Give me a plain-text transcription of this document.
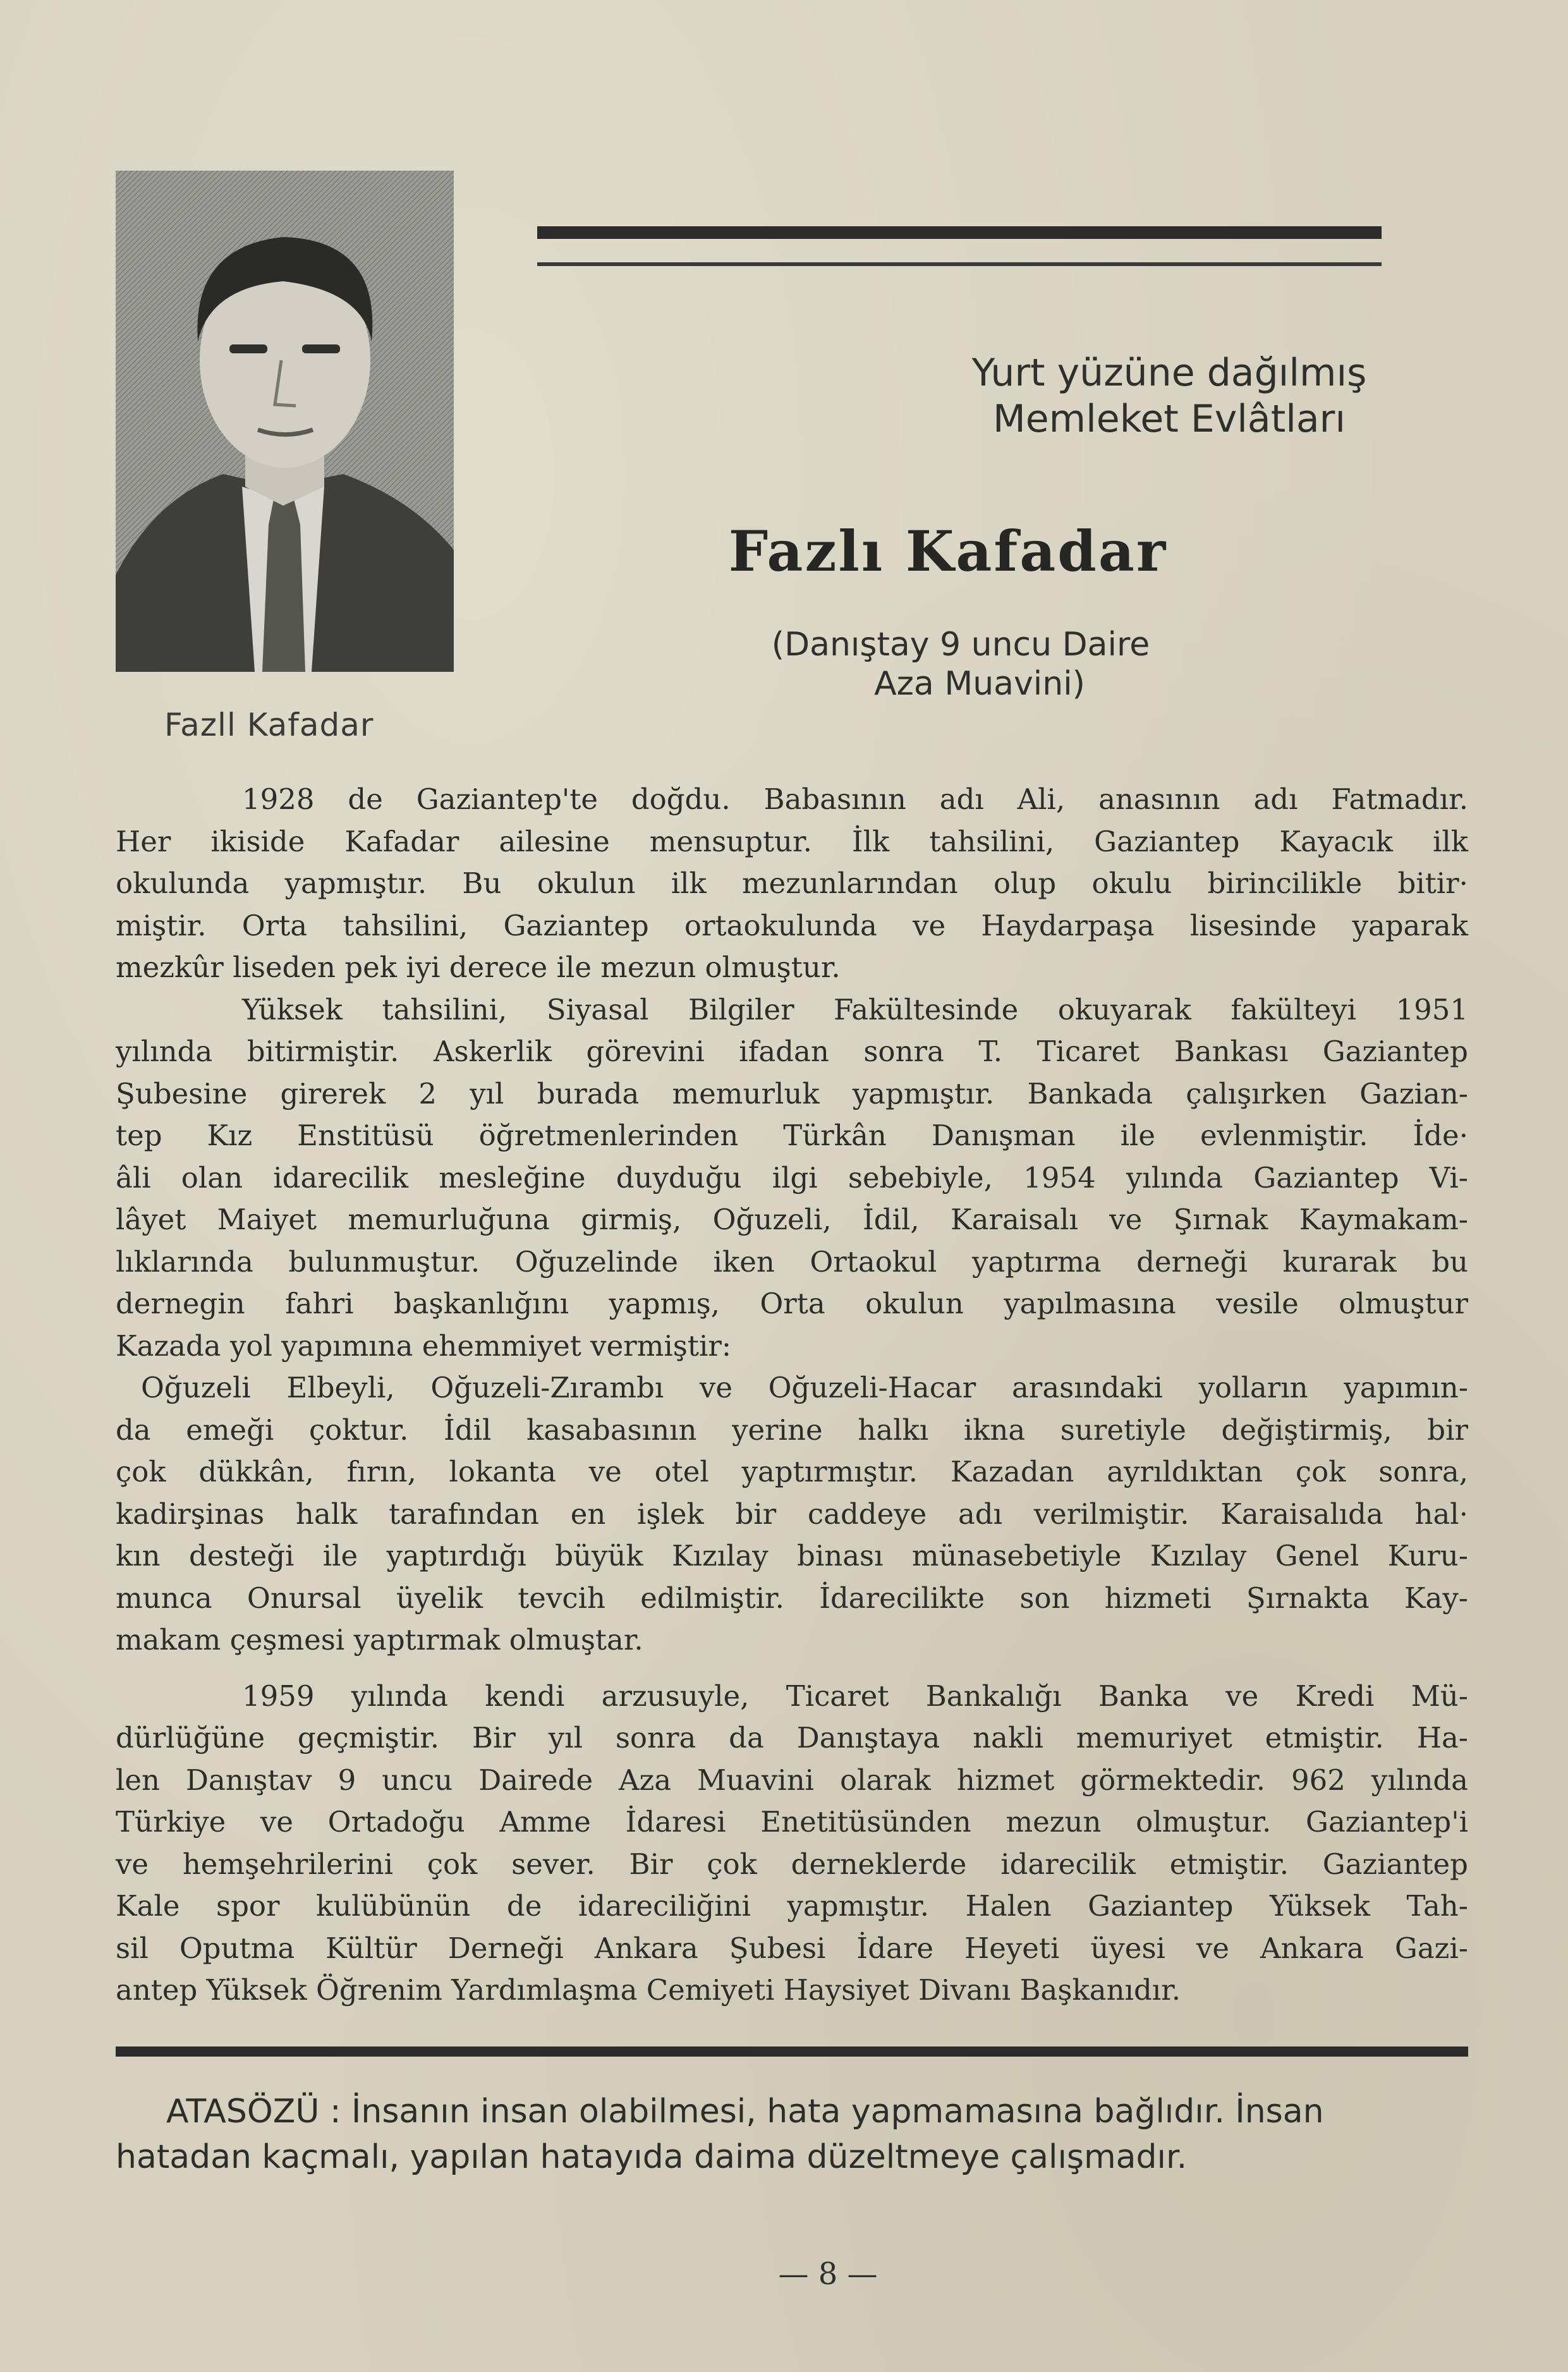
Fazll Kafadar
Yurt yüzüne dağılmış
Memleket Evlâtları
Fazlı Kafadar
(Danıştay 9 uncu Daire
Aza Muavini)
1928 de Gaziantep'te doğdu. Babasının adı Ali, anasının adı Fatmadır.
Her ikiside Kafadar ailesine mensuptur. İlk tahsilini, Gaziantep Kayacık ilk
okulunda yapmıştır. Bu okulun ilk mezunlarından olup okulu birincilikle bitir·
miştir. Orta tahsilini, Gaziantep ortaokulunda ve Haydarpaşa lisesinde yaparak
mezkûr liseden pek iyi derece ile mezun olmuştur.
Yüksek tahsilini, Siyasal Bilgiler Fakültesinde okuyarak fakülteyi 1951
yılında bitirmiştir. Askerlik görevini ifadan sonra T. Ticaret Bankası Gaziantep
Şubesine girerek 2 yıl burada memurluk yapmıştır. Bankada çalışırken Gazian-
tep Kız Enstitüsü öğretmenlerinden Türkân Danışman ile evlenmiştir. İde·
âli olan idarecilik mesleğine duyduğu ilgi sebebiyle, 1954 yılında Gaziantep Vi-
lâyet Maiyet memurluğuna girmiş, Oğuzeli, İdil, Karaisalı ve Şırnak Kaymakam-
lıklarında bulunmuştur. Oğuzelinde iken Ortaokul yaptırma derneği kurarak bu
dernegin fahri başkanlığını yapmış, Orta okulun yapılmasına vesile olmuştur
Kazada yol yapımına ehemmiyet vermiştir:
Oğuzeli Elbeyli, Oğuzeli-Zırambı ve Oğuzeli-Hacar arasındaki yolların yapımın-
da emeği çoktur. İdil kasabasının yerine halkı ikna suretiyle değiştirmiş, bir
çok dükkân, fırın, lokanta ve otel yaptırmıştır. Kazadan ayrıldıktan çok sonra,
kadirşinas halk tarafından en işlek bir caddeye adı verilmiştir. Karaisalıda hal·
kın desteği ile yaptırdığı büyük Kızılay binası münasebetiyle Kızılay Genel Kuru-
munca Onursal üyelik tevcih edilmiştir. İdarecilikte son hizmeti Şırnakta Kay-
makam çeşmesi yaptırmak olmuştar.
1959 yılında kendi arzusuyle, Ticaret Bankalığı Banka ve Kredi Mü-
dürlüğüne geçmiştir. Bir yıl sonra da Danıştaya nakli memuriyet etmiştir. Ha-
len Danıştav 9 uncu Dairede Aza Muavini olarak hizmet görmektedir. 962 yılında
Türkiye ve Ortadoğu Amme İdaresi Enetitüsünden mezun olmuştur. Gaziantep'i
ve hemşehrilerini çok sever. Bir çok derneklerde idarecilik etmiştir. Gaziantep
Kale spor kulübünün de idareciliğini yapmıştır. Halen Gaziantep Yüksek Tah-
sil Oputma Kültür Derneği Ankara Şubesi İdare Heyeti üyesi ve Ankara Gazi-
antep Yüksek Öğrenim Yardımlaşma Cemiyeti Haysiyet Divanı Başkanıdır.
ATASÖZÜ : İnsanın insan olabilmesi, hata yapmamasına bağlıdır. İnsan
hatadan kaçmalı, yapılan hatayıda daima düzeltmeye çalışmadır.
— 8 —
